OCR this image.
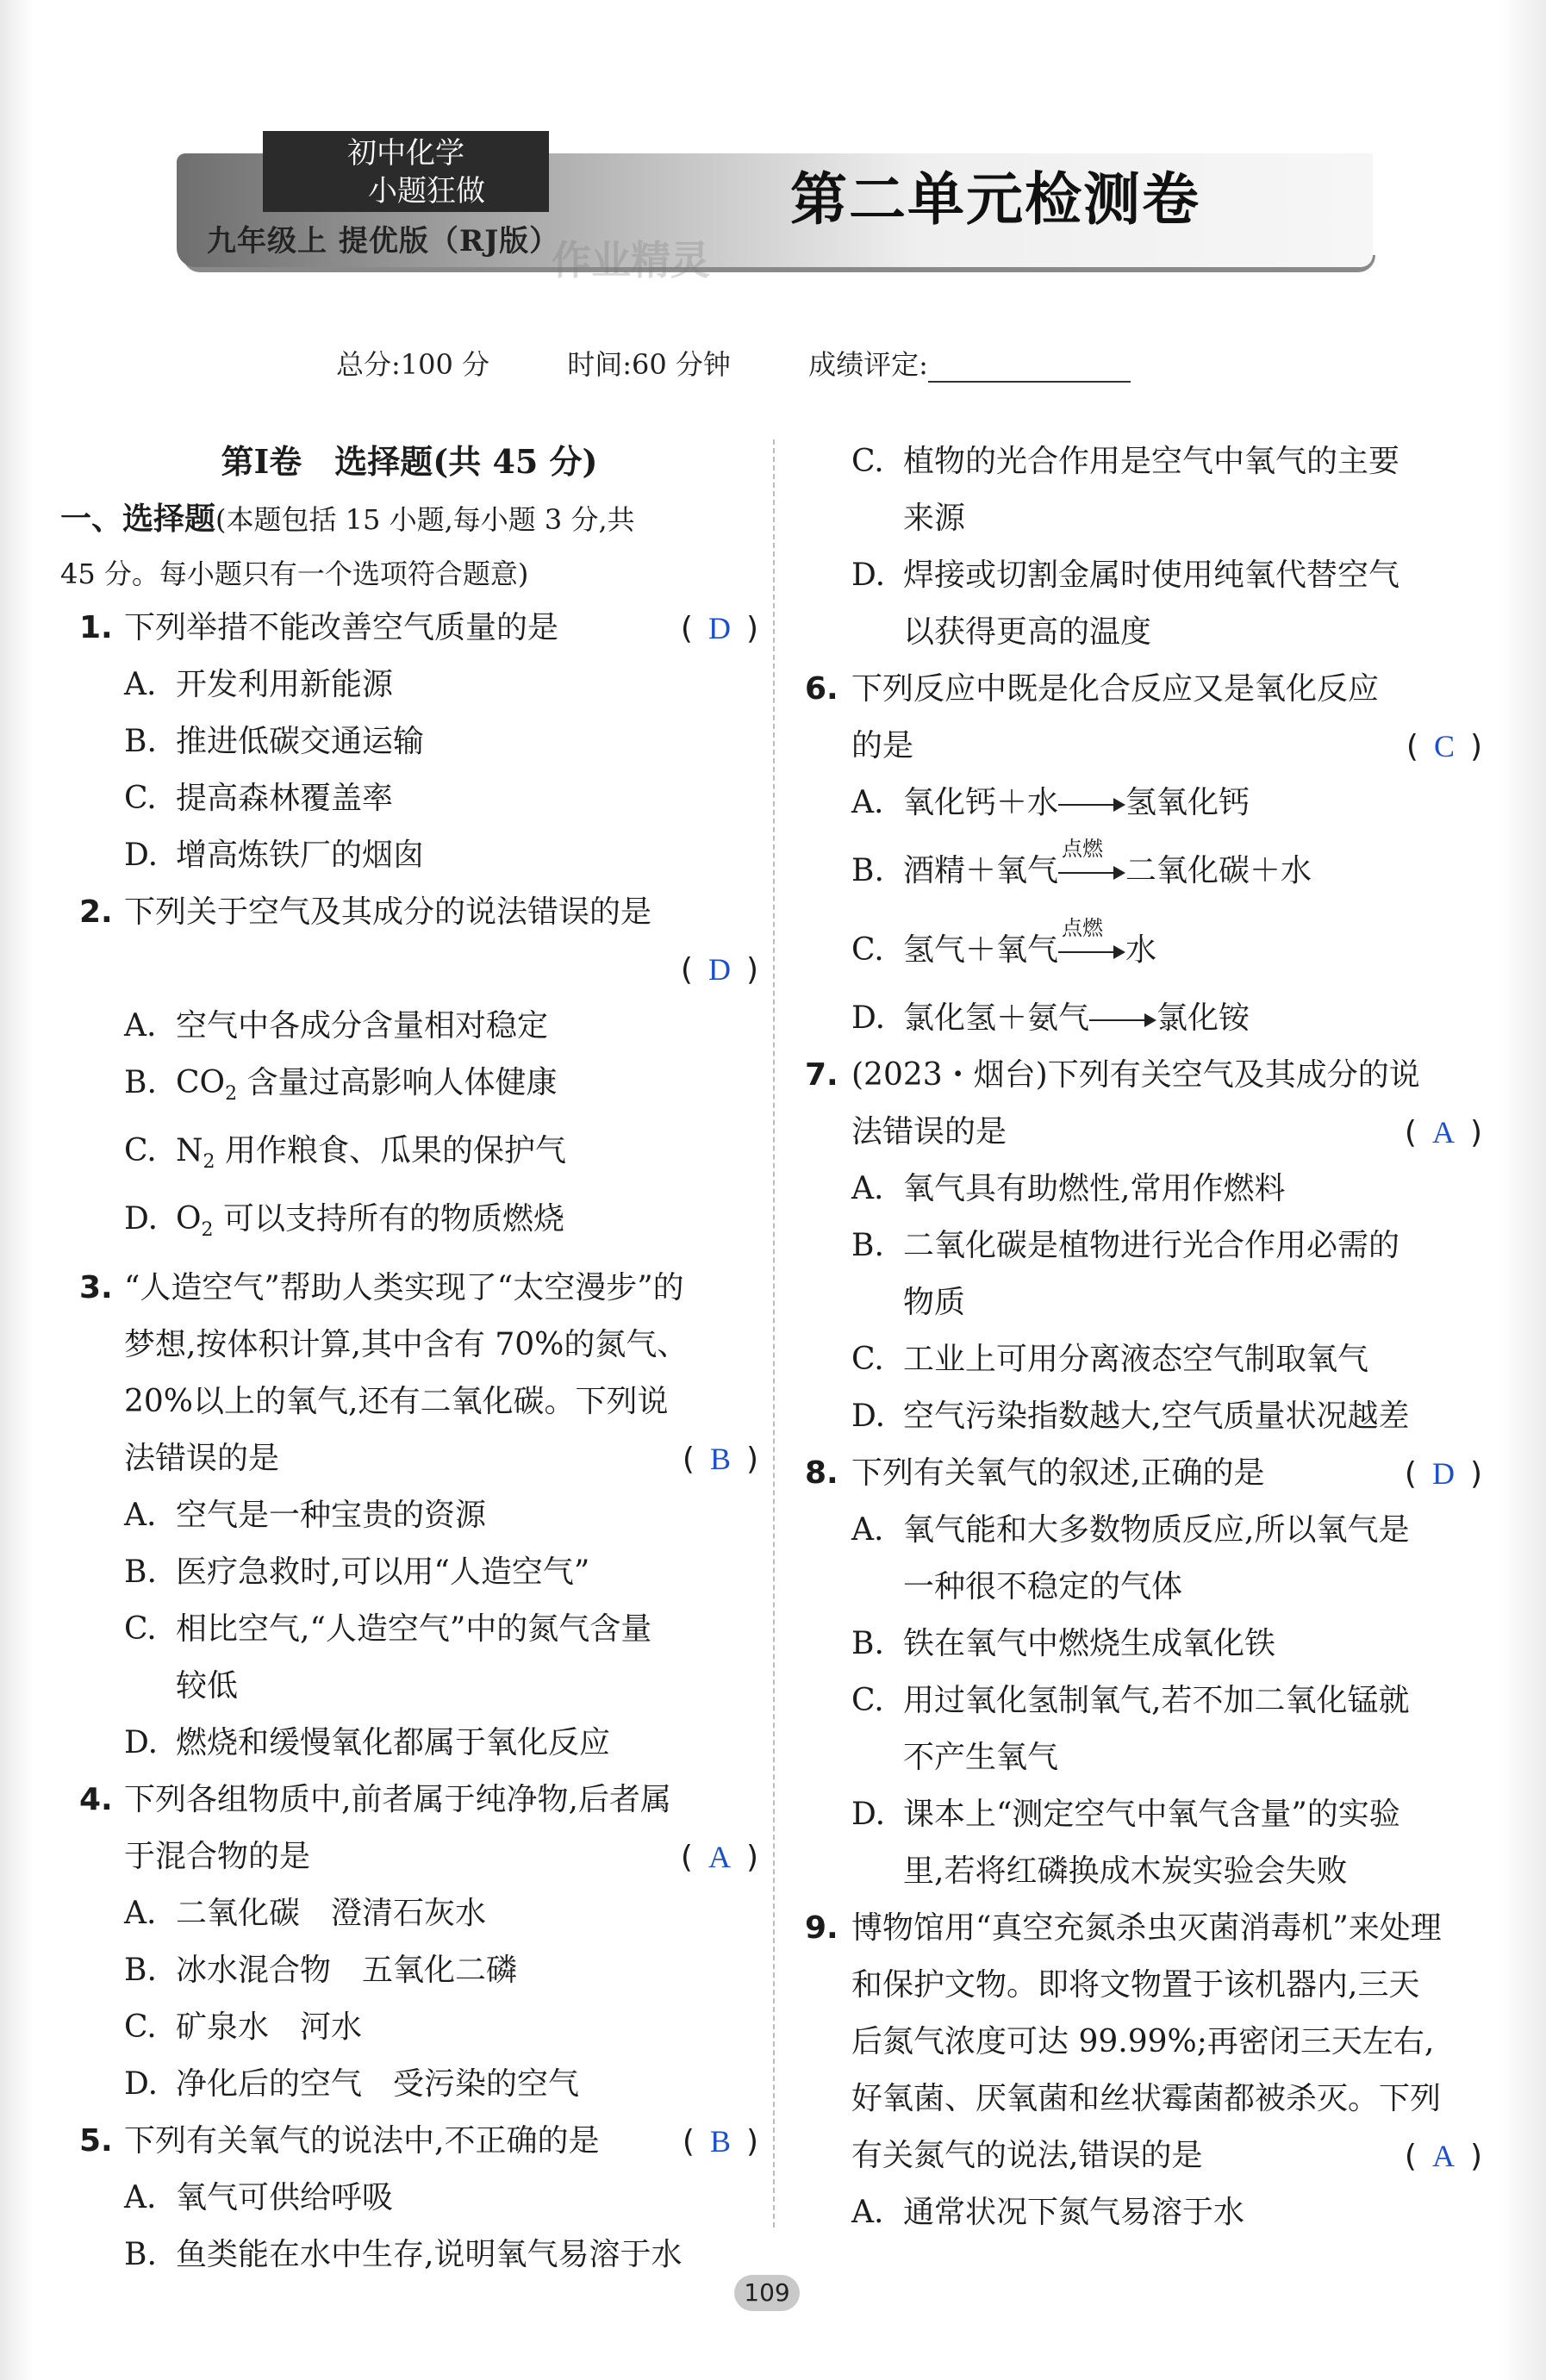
初中化学
小题狂做
九年级上 提优版（RJ版）
作业精灵
第二单元检测卷
总分:100 分	时间:60 分钟	成绩评定:

第Ⅰ卷　选择题(共 45 分)

一、选择题(本题包括 15 小题,每小题 3 分,共

45 分。每小题只有一个选项符合题意)

1. 下列举措不能改善空气质量的是	( D )

A. 开发利用新能源

B. 推进低碳交通运输

C. 提高森林覆盖率

D. 增高炼铁厂的烟囱

2. 下列关于空气及其成分的说法错误的是

( D )

A. 空气中各成分含量相对稳定

B. $CO_2$ 含量过高影响人体健康

C. $N_2$ 用作粮食、瓜果的保护气

D. $O_2$ 可以支持所有的物质燃烧

3. “人造空气”帮助人类实现了“太空漫步”的

梦想,按体积计算,其中含有 70%的氮气、

20%以上的氧气,还有二氧化碳。下列说

法错误的是	( B )

A. 空气是一种宝贵的资源

B. 医疗急救时,可以用“人造空气”

C. 相比空气,“人造空气”中的氮气含量

较低

D. 燃烧和缓慢氧化都属于氧化反应

4. 下列各组物质中,前者属于纯净物,后者属

于混合物的是	( A )

A. 二氧化碳　澄清石灰水

B. 冰水混合物　五氧化二磷

C. 矿泉水　河水

D. 净化后的空气　受污染的空气

5. 下列有关氧气的说法中,不正确的是	( B )

A. 氧气可供给呼吸

B. 鱼类能在水中生存,说明氧气易溶于水

C. 植物的光合作用是空气中氧气的主要

来源

D. 焊接或切割金属时使用纯氧代替空气

以获得更高的温度

6. 下列反应中既是化合反应又是氧化反应

的是	( C )

A. 氧化钙＋水 氢氧化钙

B. 酒精＋氧气
点燃
二氧化碳＋水

C. 氢气＋氧气
点燃
水

D. 氯化氢＋氨气 氯化铵

7. (2023・烟台)下列有关空气及其成分的说

法错误的是	( A )

A. 氧气具有助燃性,常用作燃料

B. 二氧化碳是植物进行光合作用必需的

物质

C. 工业上可用分离液态空气制取氧气

D. 空气污染指数越大,空气质量状况越差

8. 下列有关氧气的叙述,正确的是	( D )

A. 氧气能和大多数物质反应,所以氧气是

一种很不稳定的气体

B. 铁在氧气中燃烧生成氧化铁

C. 用过氧化氢制氧气,若不加二氧化锰就

不产生氧气

D. 课本上“测定空气中氧气含量”的实验

里,若将红磷换成木炭实验会失败

9. 博物馆用“真空充氮杀虫灭菌消毒机”来处理

和保护文物。即将文物置于该机器内,三天

后氮气浓度可达 99.99%;再密闭三天左右,

好氧菌、厌氧菌和丝状霉菌都被杀灭。下列

有关氮气的说法,错误的是	( A )

A. 通常状况下氮气易溶于水

109
